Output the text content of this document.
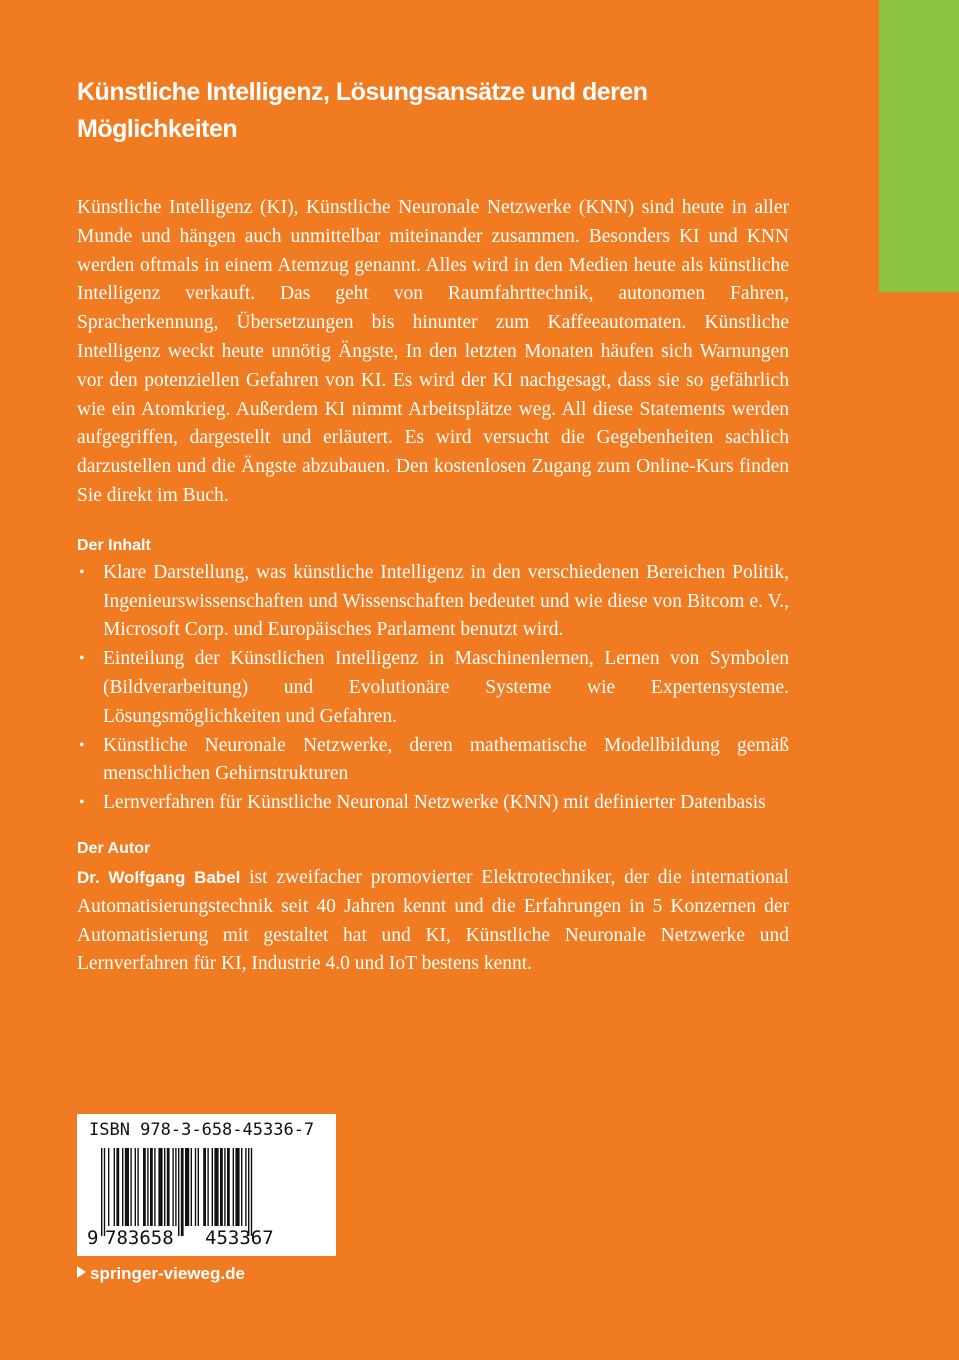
Künstliche Intelligenz, Lösungsansätze und deren Möglichkeiten

Künstliche Intelligenz (KI), Künstliche Neuronale Netzwerke (KNN) sind heute in aller Munde und hängen auch unmittelbar miteinander zusammen. Besonders KI und KNN werden oftmals in einem Atemzug genannt. Alles wird in den Medien heute als künstliche Intelligenz verkauft. Das geht von Raumfahrttechnik, autonomen Fahren, Spracherkennung, Übersetzungen bis hinunter zum Kaffeeautomaten. Künstliche Intelligenz weckt heute unnötig Ängste, In den letzten Monaten häufen sich Warnungen vor den potenziellen Gefahren von KI. Es wird der KI nachgesagt, dass sie so gefährlich wie ein Atomkrieg. Außerdem KI nimmt Arbeitsplätze weg. All diese Statements werden aufgegriffen, dargestellt und erläutert. Es wird versucht die Gegebenheiten sachlich darzustellen und die Ängste abzubauen. Den kostenlosen Zugang zum Online-Kurs finden Sie direkt im Buch.

Der Inhalt
• Klare Darstellung, was künstliche Intelligenz in den verschiedenen Bereichen Politik, Ingenieurswissenschaften und Wissenschaften bedeutet und wie diese von Bitcom e. V., Microsoft Corp. und Europäisches Parlament benutzt wird.
• Einteilung der Künstlichen Intelligenz in Maschinenlernen, Lernen von Symbolen (Bildverarbeitung) und Evolutionäre Systeme wie Expertensysteme. Lösungsmöglichkeiten und Gefahren.
• Künstliche Neuronale Netzwerke, deren mathematische Modellbildung gemäß menschlichen Gehirnstrukturen
• Lernverfahren für Künstliche Neuronal Netzwerke (KNN) mit definierter Datenbasis
Der Autor

Dr. Wolfgang Babel ist zweifacher promovierter Elektrotechniker, der die international Automatisierungstechnik seit 40 Jahren kennt und die Erfahrungen in 5 Konzernen der Automatisierung mit gestaltet hat und KI, Künstliche Neuronale Netzwerke und Lernverfahren für KI, Industrie 4.0 und IoT bestens kennt.

ISBN 978-3-658-45336-7
9 783658 453367
springer-vieweg.de
